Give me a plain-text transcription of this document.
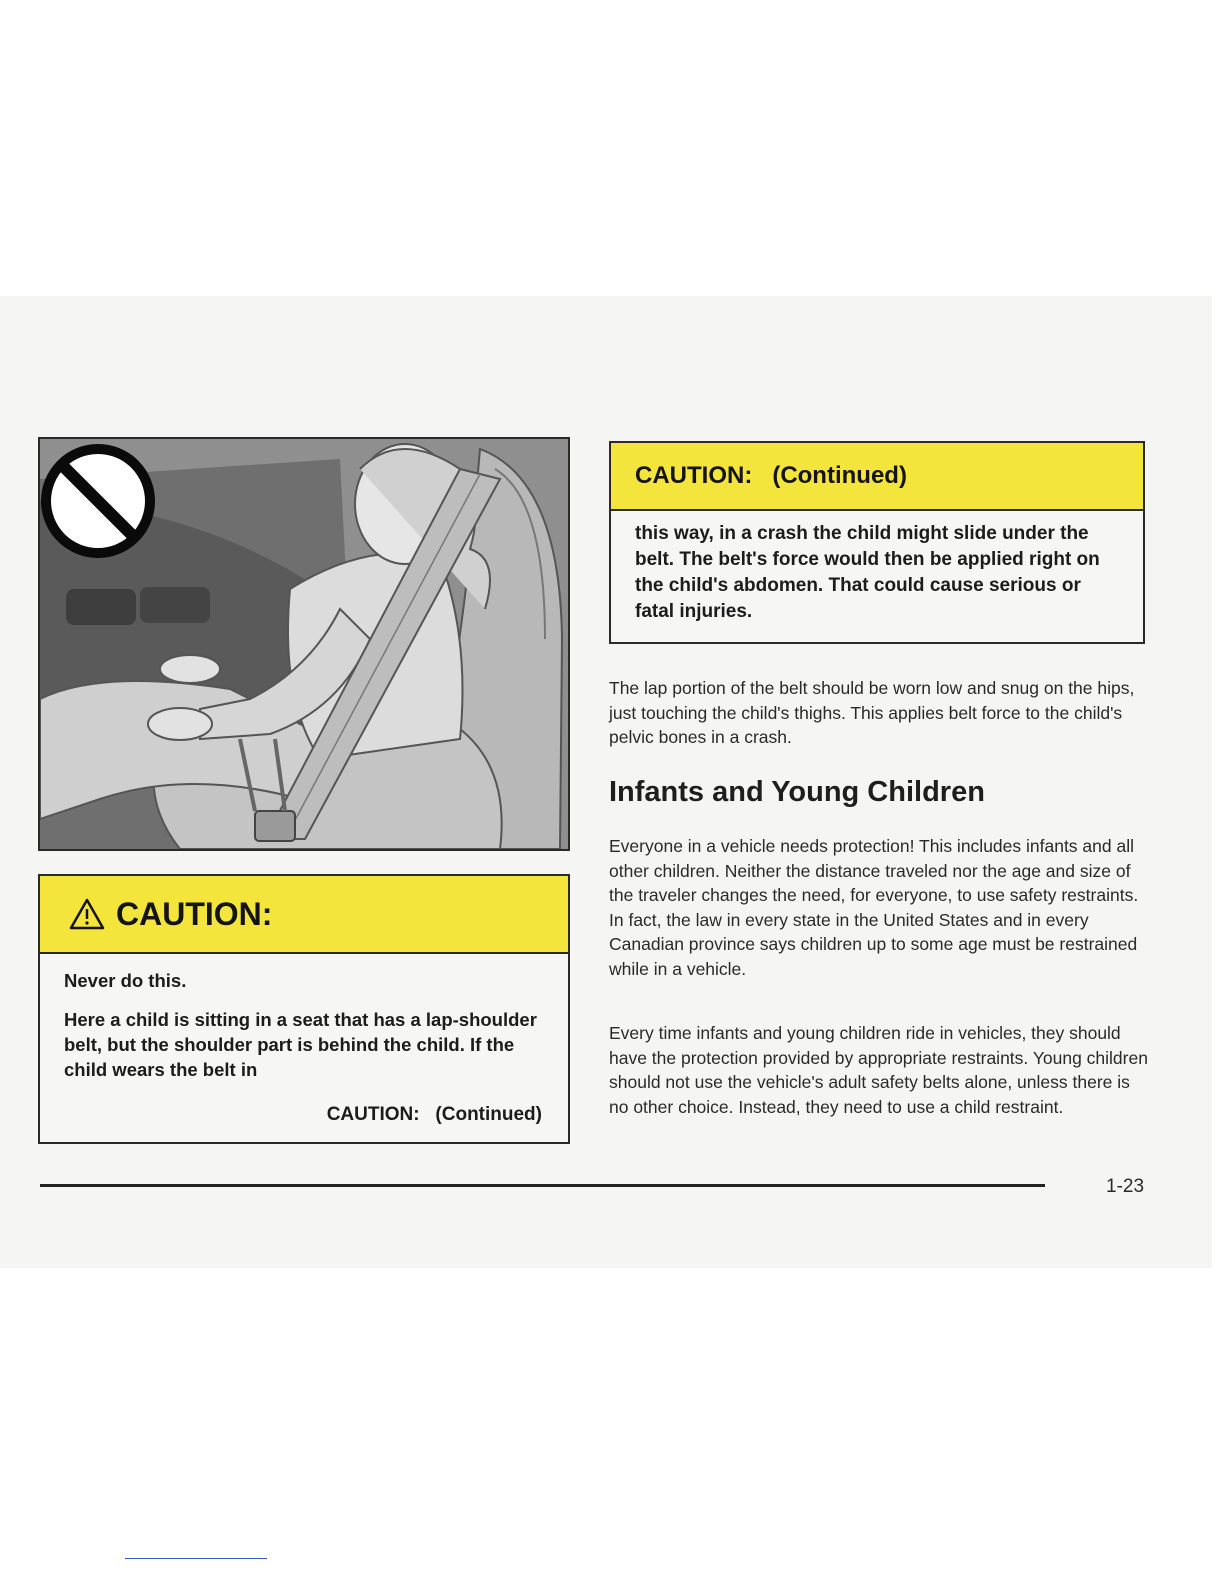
CAUTION:

Never do this.

Here a child is sitting in a seat that has a lap-shoulder belt, but the shoulder part is behind the child. If the child wears the belt in

CAUTION:   (Continued)
CAUTION:   (Continued)

this way, in a crash the child might slide under the belt. The belt's force would then be applied right on the child's abdomen. That could cause serious or fatal injuries.

The lap portion of the belt should be worn low and snug on the hips, just touching the child's thighs. This applies belt force to the child's pelvic bones in a crash.

Infants and Young Children

Everyone in a vehicle needs protection! This includes infants and all other children. Neither the distance traveled nor the age and size of the traveler changes the need, for everyone, to use safety restraints. In fact, the law in every state in the United States and in every Canadian province says children up to some age must be restrained while in a vehicle.

Every time infants and young children ride in vehicles, they should have the protection provided by appropriate restraints. Young children should not use the vehicle's adult safety belts alone, unless there is no other choice. Instead, they need to use a child restraint.

1-23
